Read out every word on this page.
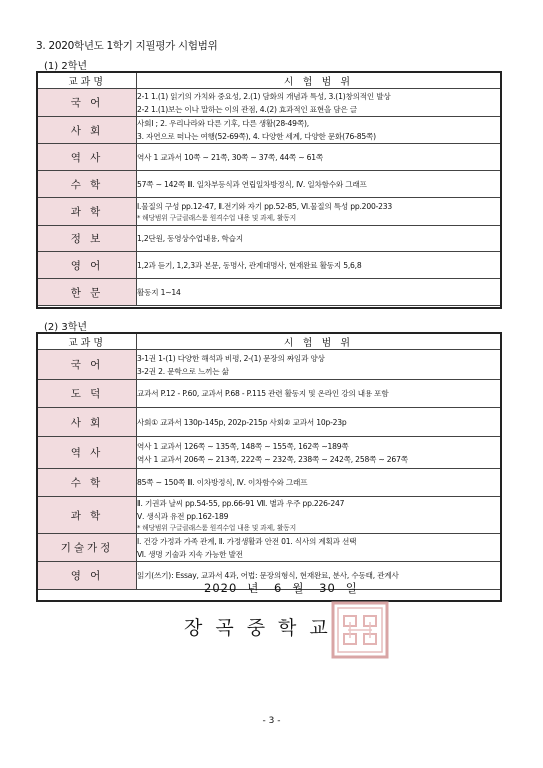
3. 2020학년도 1학기 지필평가 시험범위
(1) 2학년
교과명	시 험 범 위
국 어	2-1 1.(1) 읽기의 가치와 중요성, 2.(1) 담화의 개념과 특성, 3.(1)창의적인 발상
2-2 1.(1)보는 이나 말하는 이의 관점, 4.(2) 효과적인 표현을 담은 글

사 회	사회Ⅰ ; 2. 우리나라와 다른 기후, 다른 생활(28-49쪽),
3. 자연으로 떠나는 여행(52-69쪽), 4. 다양한 세계, 다양한 문화(76-85쪽)

역 사	역사 1 교과서 10쪽 ~ 21쪽, 30쪽 ~ 37쪽, 44쪽 ~ 61쪽

수 학	57쪽 ~ 142쪽 Ⅲ. 일차부등식과 연립일차방정식, Ⅳ. 일차함수와 그래프

과 학	Ⅰ.물질의 구성 pp.12-47, Ⅱ.전기와 자기 pp.52-85, Ⅵ.물질의 특성 pp.200-233
* 해당범위 구글클래스룸 원격수업 내용 및 과제, 활동지

정 보	1,2단원, 동영상수업내용, 학습지

영 어	1,2과 듣기, 1,2,3과 본문, 동명사, 관계대명사, 현재완료 활동지 5,6,8

한 문	활동지 1~14
(2) 3학년
교과명	시 험 범 위
국 어	3-1권 1-(1) 다양한 해석과 비평, 2-(1) 문장의 짜임과 양상
3-2권 2. 문학으로 느끼는 삶

도 덕	교과서 P.12 - P.60, 교과서 P.68 - P.115 관련 활동지 및 온라인 강의 내용 포함

사 회	사회① 교과서 130p-145p, 202p-215p 사회② 교과서 10p-23p

역 사	역사 1 교과서 126쪽 ~ 135쪽, 148쪽 ~ 155쪽, 162쪽 ~189쪽
역사 1 교과서 206쪽 ~ 213쪽, 222쪽 ~ 232쪽, 238쪽 ~ 242쪽, 258쪽 ~ 267쪽

수 학	85쪽 ~ 150쪽 Ⅲ. 이차방정식, Ⅳ. 이차함수와 그래프

과 학	Ⅱ. 기권과 날씨 pp.54-55, pp.66-91 Ⅶ. 별과 우주 pp.226-247
Ⅴ. 생식과 유전 pp.162-189
* 해당범위 구글클래스룸 원격수업 내용 및 과제, 활동지

기술가정	Ⅰ. 건강 가정과 가족 관계, Ⅱ. 가정생활과 안전 01. 식사의 계획과 선택
Ⅵ. 생명 기술과 지속 가능한 발전

영 어	읽기(쓰기): Essay, 교과서 4과, 어법: 문장의형식, 현재완료, 분사, 수동태, 관계사
2020 년 6 월 30 일
장곡중학교
- 3 -
